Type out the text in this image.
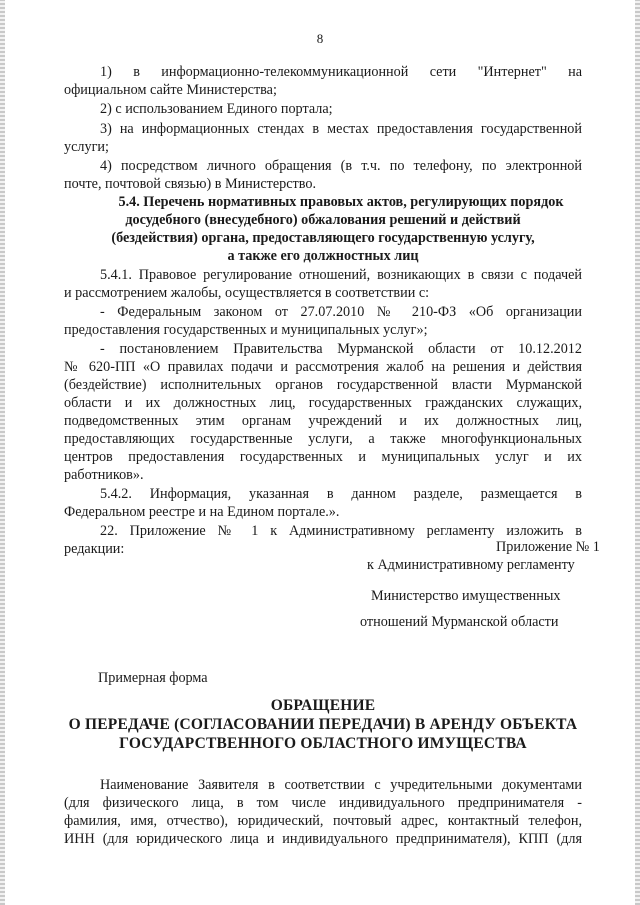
8
1) в информационно-телекоммуникационной сети "Интернет" на
официальном сайте Министерства;
2) с использованием Единого портала;
3) на информационных стендах в местах предоставления государственной
услуги;
4) посредством личного обращения (в т.ч. по телефону, по электронной
почте, почтовой связью) в Министерство.
5.4. Перечень нормативных правовых актов, регулирующих порядок
досудебного (внесудебного) обжалования решений и действий
(бездействия) органа, предоставляющего государственную услугу,
а также его должностных лиц
5.4.1. Правовое регулирование отношений, возникающих в связи с подачей
и рассмотрением жалобы, осуществляется в соответствии с:
- Федеральным законом от 27.07.2010 № 210-ФЗ «Об организации
предоставления государственных и муниципальных услуг»;
- постановлением Правительства Мурманской области от 10.12.2012
№ 620-ПП «О правилах подачи и рассмотрения жалоб на решения и действия
(бездействие) исполнительных органов государственной власти Мурманской
области и их должностных лиц, государственных гражданских служащих,
подведомственных этим органам учреждений и их должностных лиц,
предоставляющих государственные услуги, а также многофункциональных
центров предоставления государственных и муниципальных услуг и их
работников».
5.4.2. Информация, указанная в данном разделе, размещается в
Федеральном реестре и на Едином портале.».
22. Приложение № 1 к Административному регламенту изложить в
редакции:	Приложение № 1
к Административному регламенту
Министерство имущественных
отношений Мурманской области
Примерная форма
ОБРАЩЕНИЕ
О ПЕРЕДАЧЕ (СОГЛАСОВАНИИ ПЕРЕДАЧИ) В АРЕНДУ ОБЪЕКТА
ГОСУДАРСТВЕННОГО ОБЛАСТНОГО ИМУЩЕСТВА
Наименование Заявителя в соответствии с учредительными документами
(для физического лица, в том числе индивидуального предпринимателя -
фамилия, имя, отчество), юридический, почтовый адрес, контактный телефон,
ИНН (для юридического лица и индивидуального предпринимателя), КПП (для
